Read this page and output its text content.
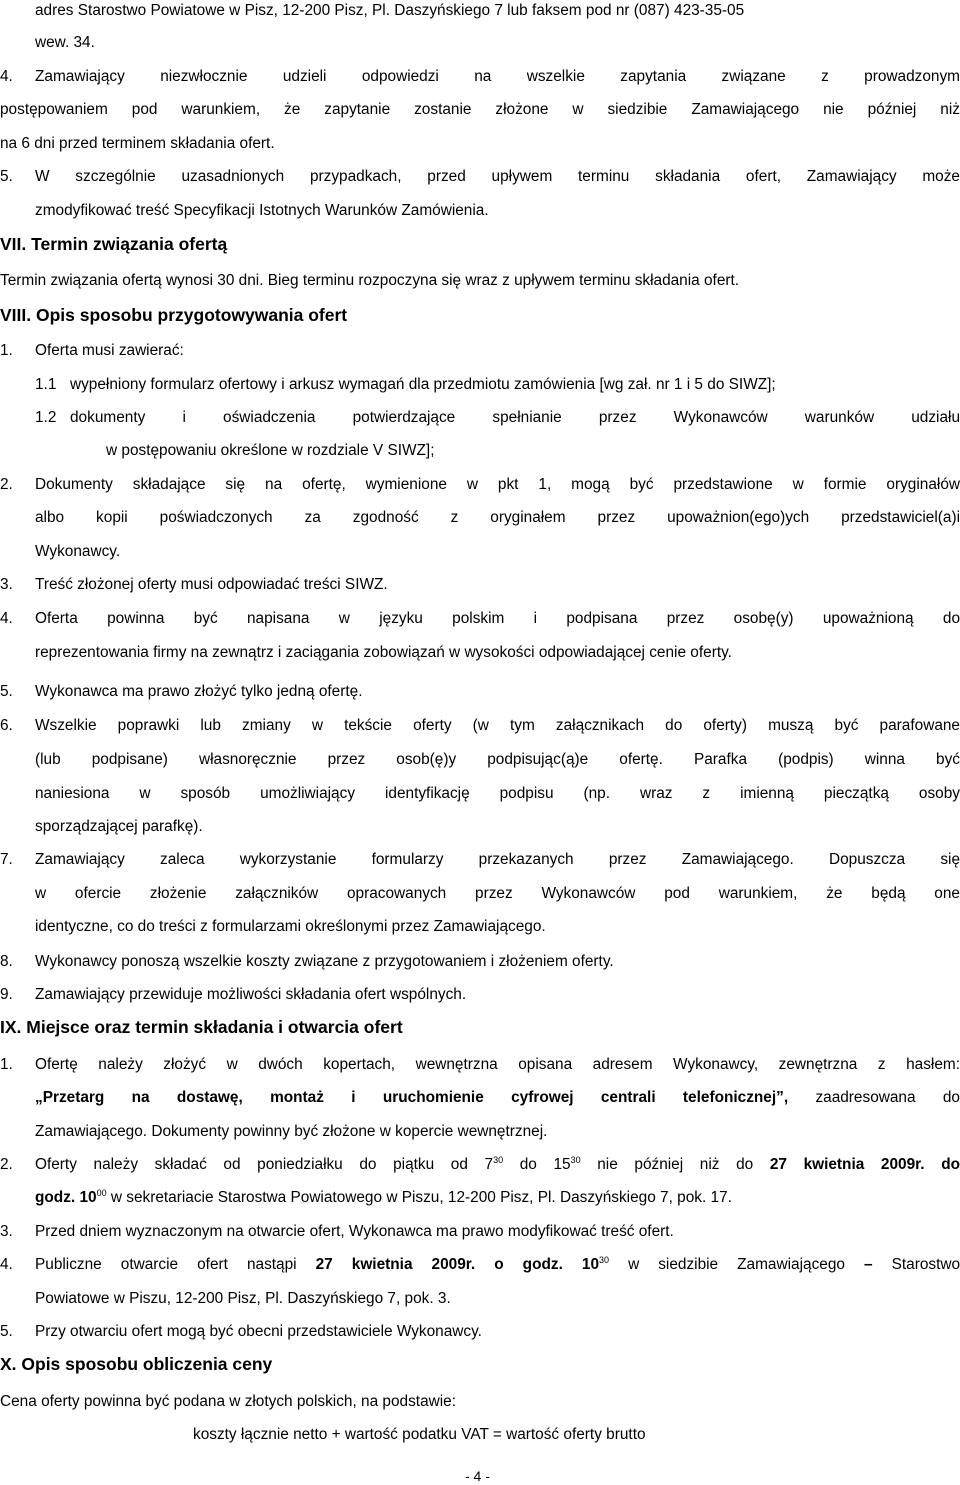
adres Starostwo Powiatowe w Pisz, 12-200 Pisz, Pl. Daszyńskiego 7 lub faksem pod nr (087) 423-35-05
wew. 34.
4. Zamawiający niezwłocznie udzieli odpowiedzi na wszelkie zapytania związane z prowadzonym
postępowaniem pod warunkiem, że zapytanie zostanie złożone w siedzibie Zamawiającego nie później niż
na 6 dni przed terminem składania ofert.
5. W szczególnie uzasadnionych przypadkach, przed upływem terminu składania ofert, Zamawiający może
zmodyfikować treść Specyfikacji Istotnych Warunków Zamówienia.
VII. Termin związania ofertą
Termin związania ofertą wynosi 30 dni. Bieg terminu rozpoczyna się wraz z upływem terminu składania ofert.
VIII. Opis sposobu przygotowywania ofert
1. Oferta musi zawierać:
1.1 wypełniony formularz ofertowy i arkusz wymagań dla przedmiotu zamówienia [wg zał. nr 1 i 5 do SIWZ];
1.2 dokumenty i oświadczenia potwierdzające spełnianie przez Wykonawców warunków udziału
w postępowaniu określone w rozdziale V SIWZ];
2. Dokumenty składające się na ofertę, wymienione w pkt 1, mogą być przedstawione w formie oryginałów
albo kopii poświadczonych za zgodność z oryginałem przez upoważnion(ego)ych przedstawiciel(a)i
Wykonawcy.
3. Treść złożonej oferty musi odpowiadać treści SIWZ.
4. Oferta powinna być napisana w języku polskim i podpisana przez osobę(y) upoważnioną do
reprezentowania firmy na zewnątrz i zaciągania zobowiązań w wysokości odpowiadającej cenie oferty.
5. Wykonawca ma prawo złożyć tylko jedną ofertę.
6. Wszelkie poprawki lub zmiany w tekście oferty (w tym załącznikach do oferty) muszą być parafowane
(lub podpisane) własnoręcznie przez osob(ę)y podpisując(ą)e ofertę. Parafka (podpis) winna być
naniesiona w sposób umożliwiający identyfikację podpisu (np. wraz z imienną pieczątką osoby
sporządzającej parafkę).
7. Zamawiający zaleca wykorzystanie formularzy przekazanych przez Zamawiającego. Dopuszcza się
w ofercie złożenie załączników opracowanych przez Wykonawców pod warunkiem, że będą one
identyczne, co do treści z formularzami określonymi przez Zamawiającego.
8. Wykonawcy ponoszą wszelkie koszty związane z przygotowaniem i złożeniem oferty.
9. Zamawiający przewiduje możliwości składania ofert wspólnych.
IX. Miejsce oraz termin składania i otwarcia ofert
1. Ofertę należy złożyć w dwóch kopertach, wewnętrzna opisana adresem Wykonawcy, zewnętrzna z hasłem:
„Przetarg na dostawę, montaż i uruchomienie cyfrowej centrali telefonicznej”, zaadresowana do
Zamawiającego. Dokumenty powinny być złożone w kopercie wewnętrznej.
2. Oferty należy składać od poniedziałku do piątku od $7^{30}$ do $15^{30}$ nie później niż do 27 kwietnia 2009r. do
godz. $10^{00}$ w sekretariacie Starostwa Powiatowego w Piszu, 12-200 Pisz, Pl. Daszyńskiego 7, pok. 17.
3. Przed dniem wyznaczonym na otwarcie ofert, Wykonawca ma prawo modyfikować treść ofert.
4. Publiczne otwarcie ofert nastąpi 27 kwietnia 2009r. o godz. $10^{30}$ w siedzibie Zamawiającego – Starostwo
Powiatowe w Piszu, 12-200 Pisz, Pl. Daszyńskiego 7, pok. 3.
5. Przy otwarciu ofert mogą być obecni przedstawiciele Wykonawcy.
X. Opis sposobu obliczenia ceny
Cena oferty powinna być podana w złotych polskich, na podstawie:
koszty łącznie netto + wartość podatku VAT = wartość oferty brutto
- 4 -
